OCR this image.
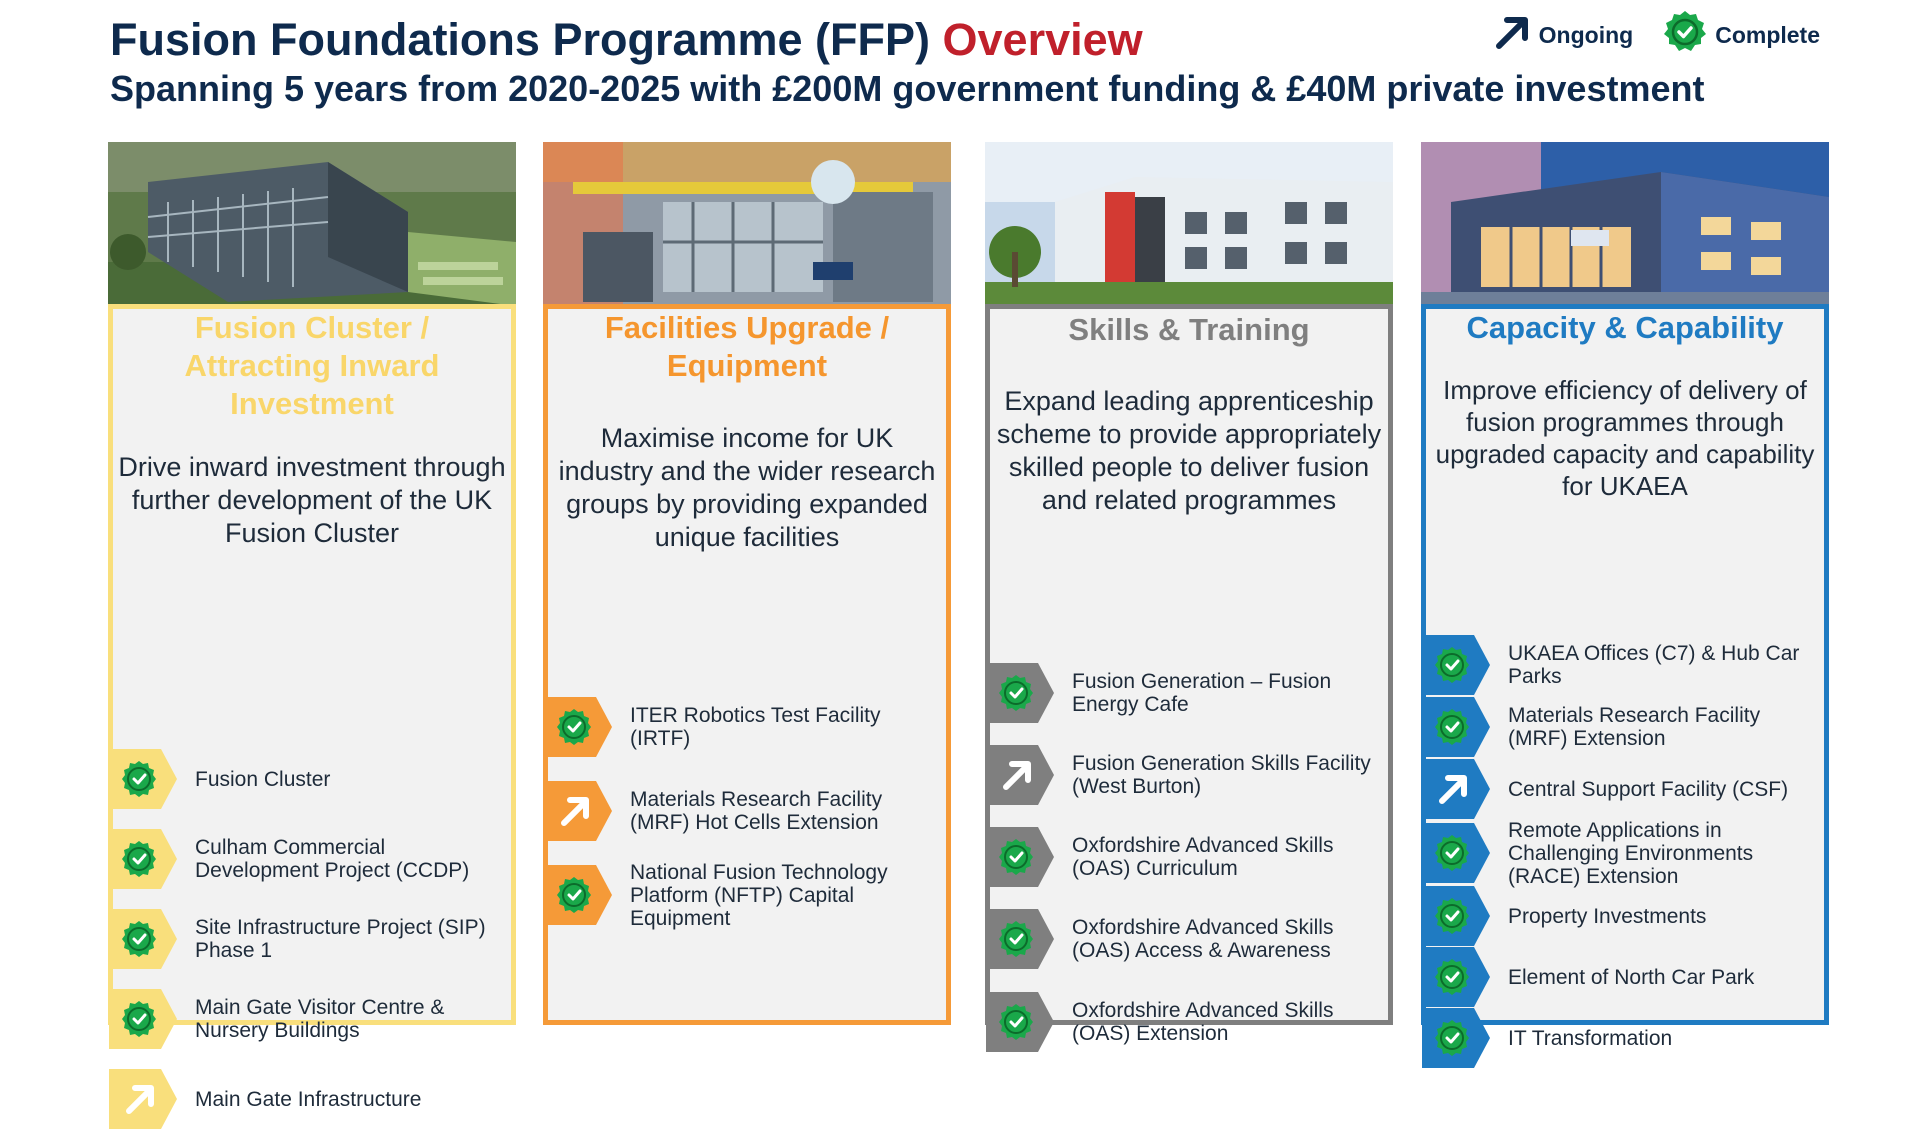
Fusion Foundations Programme (FFP) Overview
Spanning 5 years from 2020-2025 with £200M government funding & £40M private investment
Ongoing	Complete
Fusion Cluster / Attracting Inward Investment
Drive inward investment through further development of the UK Fusion Cluster
Fusion Cluster
Culham Commercial Development Project (CCDP)
Site Infrastructure Project (SIP) Phase 1
Main Gate Visitor Centre & Nursery Buildings
Main Gate Infrastructure
Facilities Upgrade / Equipment
Maximise income for UK industry and the wider research groups by providing expanded unique facilities
ITER Robotics Test Facility (IRTF)
Materials Research Facility (MRF) Hot Cells Extension
National Fusion Technology Platform (NFTP) Capital Equipment
Skills & Training
Expand leading apprenticeship scheme to provide appropriately skilled people to deliver fusion and related programmes
Fusion Generation – Fusion Energy Cafe
Fusion Generation Skills Facility (West Burton)
Oxfordshire Advanced Skills (OAS) Curriculum
Oxfordshire Advanced Skills (OAS) Access & Awareness
Oxfordshire Advanced Skills (OAS) Extension
Capacity & Capability
Improve efficiency of delivery of fusion programmes through upgraded capacity and capability for UKAEA
UKAEA Offices (C7) & Hub Car Parks
Materials Research Facility (MRF) Extension
Central Support Facility (CSF)
Remote Applications in Challenging Environments (RACE) Extension
Property Investments
Element of North Car Park
IT Transformation
